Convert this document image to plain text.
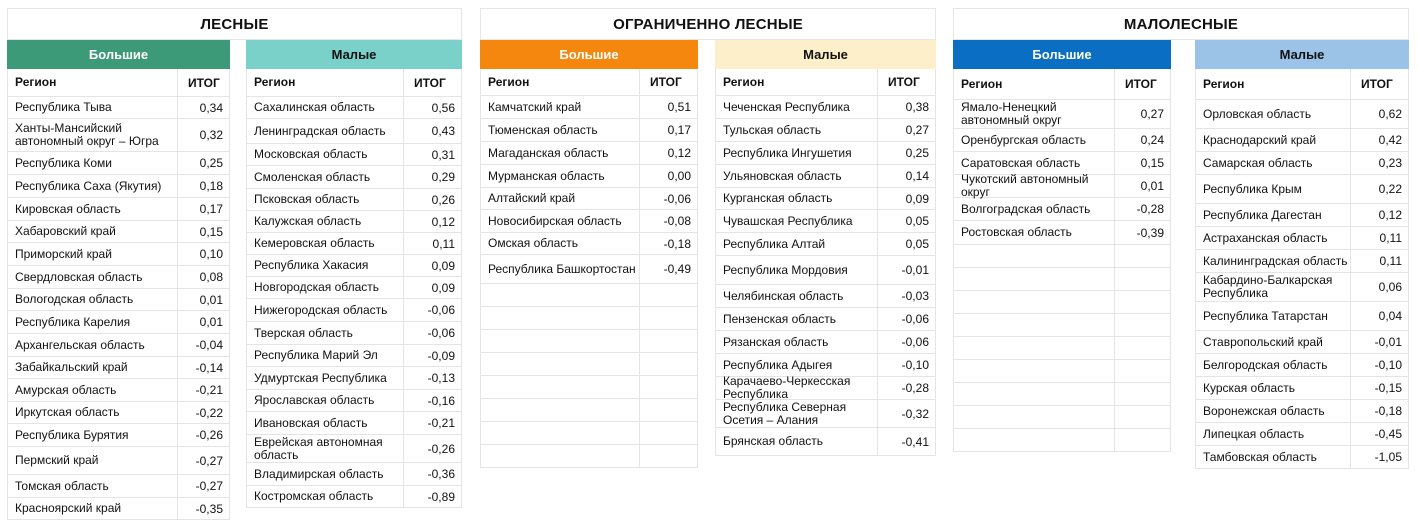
ЛЕСНЫЕ
Большие
Регион	ИТОГ
Республика Тыва	0,34
Ханты-Мансийский автономный округ – Югра	0,32
Республика Коми	0,25
Республика Саха (Якутия)	0,18
Кировская область	0,17
Хабаровский край	0,15
Приморский край	0,10
Свердловская область	0,08
Вологодская область	0,01
Республика Карелия	0,01
Архангельская область	-0,04
Забайкальский край	-0,14
Амурская область	-0,21
Иркутская область	-0,22
Республика Бурятия	-0,26
Пермский край	-0,27
Томская область	-0,27
Красноярский край	-0,35
Малые
Регион	ИТОГ
Сахалинская область	0,56
Ленинградская область	0,43
Московская область	0,31
Смоленская область	0,29
Псковская область	0,26
Калужская область	0,12
Кемеровская область	0,11
Республика Хакасия	0,09
Новгородская область	0,09
Нижегородская область	-0,06
Тверская область	-0,06
Республика Марий Эл	-0,09
Удмуртская Республика	-0,13
Ярославская область	-0,16
Ивановская область	-0,21
Еврейская автономная область	-0,26
Владимирская область	-0,36
Костромская область	-0,89
ОГРАНИЧЕННО ЛЕСНЫЕ
Большие
Регион	ИТОГ
Камчатский край	0,51
Тюменская область	0,17
Магаданская область	0,12
Мурманская область	0,00
Алтайский край	-0,06
Новосибирская область	-0,08
Омская область	-0,18
Республика Башкортостан	-0,49
Малые
Регион	ИТОГ
Чеченская Республика	0,38
Тульская область	0,27
Республика Ингушетия	0,25
Ульяновская область	0,14
Курганская область	0,09
Чувашская Республика	0,05
Республика Алтай	0,05
Республика Мордовия	-0,01
Челябинская область	-0,03
Пензенская область	-0,06
Рязанская область	-0,06
Республика Адыгея	-0,10
Карачаево-Черкесская Республика	-0,28
Республика Северная Осетия – Алания	-0,32
Брянская область	-0,41
МАЛОЛЕСНЫЕ
Большие
Регион	ИТОГ
Ямало-Ненецкий автономный округ	0,27
Оренбургская область	0,24
Саратовская область	0,15
Чукотский автономный округ	0,01
Волгоградская область	-0,28
Ростовская область	-0,39
Малые
Регион	ИТОГ
Орловская область	0,62
Краснодарский край	0,42
Самарская область	0,23
Республика Крым	0,22
Республика Дагестан	0,12
Астраханская область	0,11
Калининградская область	0,11
Кабардино-Балкарская Республика	0,06
Республика Татарстан	0,04
Ставропольский край	-0,01
Белгородская область	-0,10
Курская область	-0,15
Воронежская область	-0,18
Липецкая область	-0,45
Тамбовская область	-1,05
